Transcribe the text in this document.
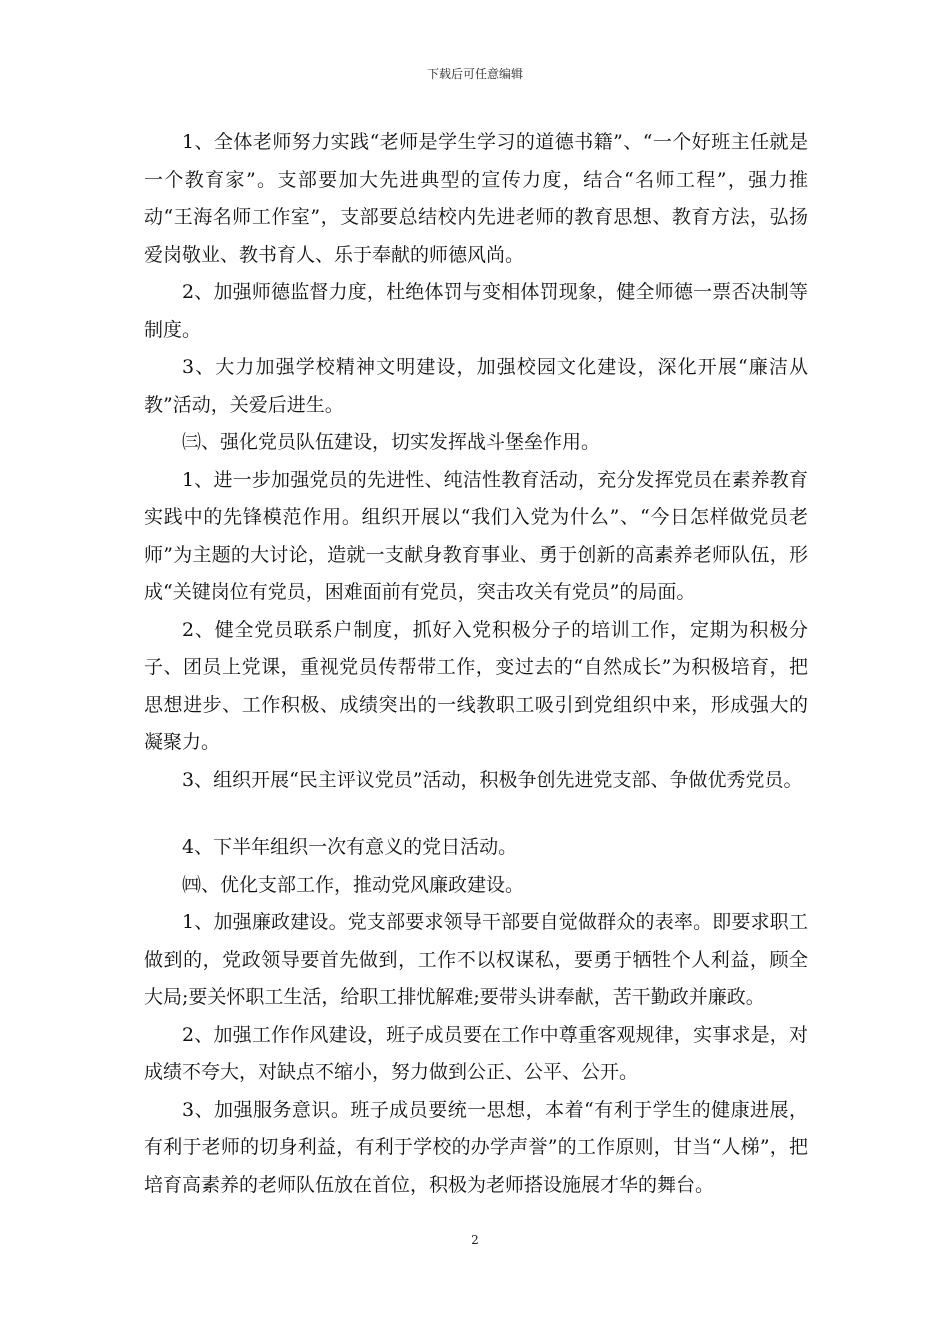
下载后可任意编辑

1、全体老师努力实践“老师是学生学习的道德书籍”、“一个好班主任就是一个教育家”。支部要加大先进典型的宣传力度，结合“名师工程”，强力推动“王海名师工作室”，支部要总结校内先进老师的教育思想、教育方法，弘扬爱岗敬业、教书育人、乐于奉献的师德风尚。

2、加强师德监督力度，杜绝体罚与变相体罚现象，健全师德一票否决制等制度。

3、大力加强学校精神文明建设，加强校园文化建设，深化开展“廉洁从教”活动，关爱后进生。

㈢、强化党员队伍建设，切实发挥战斗堡垒作用。

1、进一步加强党员的先进性、纯洁性教育活动，充分发挥党员在素养教育实践中的先锋模范作用。组织开展以“我们入党为什么”、“今日怎样做党员老师”为主题的大讨论，造就一支献身教育事业、勇于创新的高素养老师队伍，形成“关键岗位有党员，困难面前有党员，突击攻关有党员”的局面。

2、健全党员联系户制度，抓好入党积极分子的培训工作，定期为积极分子、团员上党课，重视党员传帮带工作，变过去的“自然成长”为积极培育，把思想进步、工作积极、成绩突出的一线教职工吸引到党组织中来，形成强大的凝聚力。

3、组织开展“民主评议党员”活动，积极争创先进党支部、争做优秀党员。

4、下半年组织一次有意义的党日活动。

㈣、优化支部工作，推动党风廉政建设。

1、加强廉政建设。党支部要求领导干部要自觉做群众的表率。即要求职工做到的，党政领导要首先做到，工作不以权谋私，要勇于牺牲个人利益，顾全大局;要关怀职工生活，给职工排忧解难;要带头讲奉献，苦干勤政并廉政。

2、加强工作作风建设，班子成员要在工作中尊重客观规律，实事求是，对成绩不夸大，对缺点不缩小，努力做到公正、公平、公开。

3、加强服务意识。班子成员要统一思想，本着“有利于学生的健康进展，有利于老师的切身利益，有利于学校的办学声誉”的工作原则，甘当“人梯”，把培育高素养的老师队伍放在首位，积极为老师搭设施展才华的舞台。

2
